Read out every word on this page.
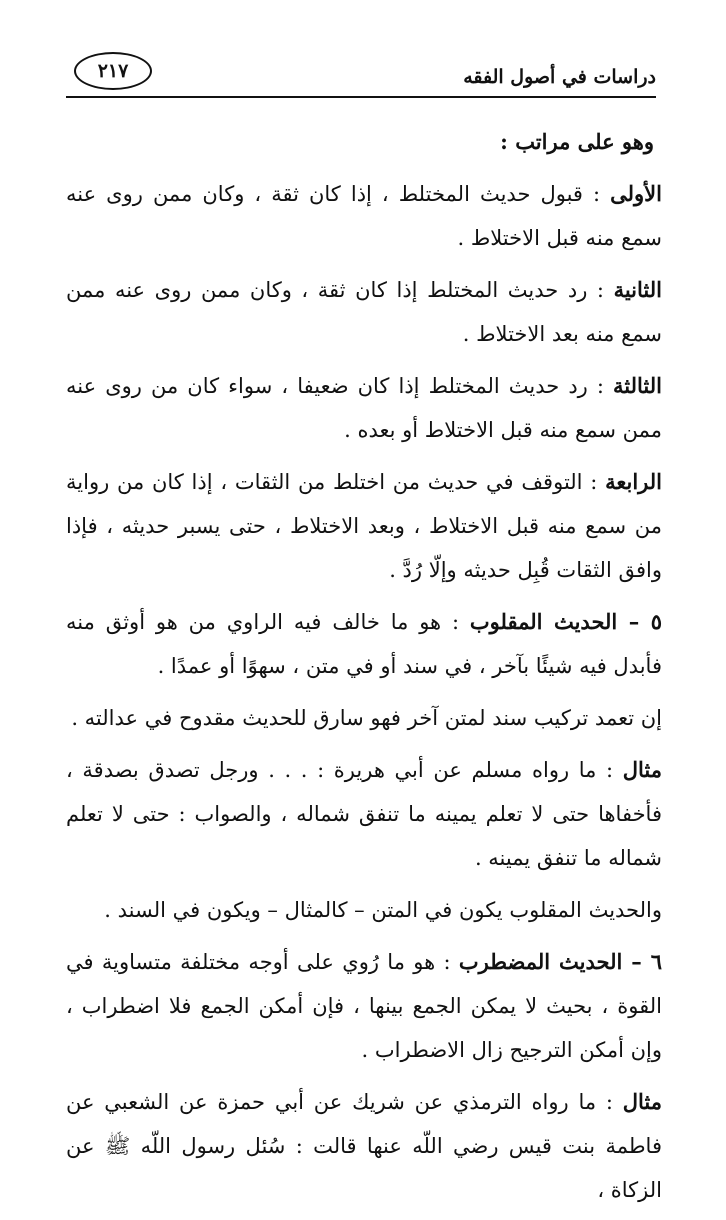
دراسات في أصول الفقه
٢١٧

وهو على مراتب :

الأولى : قبول حديث المختلط ، إذا كان ثقة ، وكان ممن روى عنه سمع منه قبل الاختلاط .

الثانية : رد حديث المختلط إذا كان ثقة ، وكان ممن روى عنه ممن سمع منه بعد الاختلاط .

الثالثة : رد حديث المختلط إذا كان ضعيفا ، سواء كان من روى عنه ممن سمع منه قبل الاختلاط أو بعده .

الرابعة : التوقف في حديث من اختلط من الثقات ، إذا كان من رواية من سمع منه قبل الاختلاط ، وبعد الاختلاط ، حتى يسبر حديثه ، فإذا وافق الثقات قُبِل حديثه وإلّا رُدَّ .

٥ – الحديث المقلوب : هو ما خالف فيه الراوي من هو أوثق منه فأبدل فيه شيئًا بآخر ، في سند أو في متن ، سهوًا أو عمدًا .

إن تعمد تركيب سند لمتن آخر فهو سارق للحديث مقدوح في عدالته .

مثال : ما رواه مسلم عن أبي هريرة : . . . ورجل تصدق بصدقة ، فأخفاها حتى لا تعلم يمينه ما تنفق شماله ، والصواب : حتى لا تعلم شماله ما تنفق يمينه .

والحديث المقلوب يكون في المتن – كالمثال – ويكون في السند .

٦ – الحديث المضطرب : هو ما رُوي على أوجه مختلفة متساوية في القوة ، بحيث لا يمكن الجمع بينها ، فإن أمكن الجمع فلا اضطراب ، وإن أمكن الترجيح زال الاضطراب .

مثال : ما رواه الترمذي عن شريك عن أبي حمزة عن الشعبي عن فاطمة بنت قيس رضي اللّه عنها قالت : سُئل رسول اللّه ﷺ عن الزكاة ،
